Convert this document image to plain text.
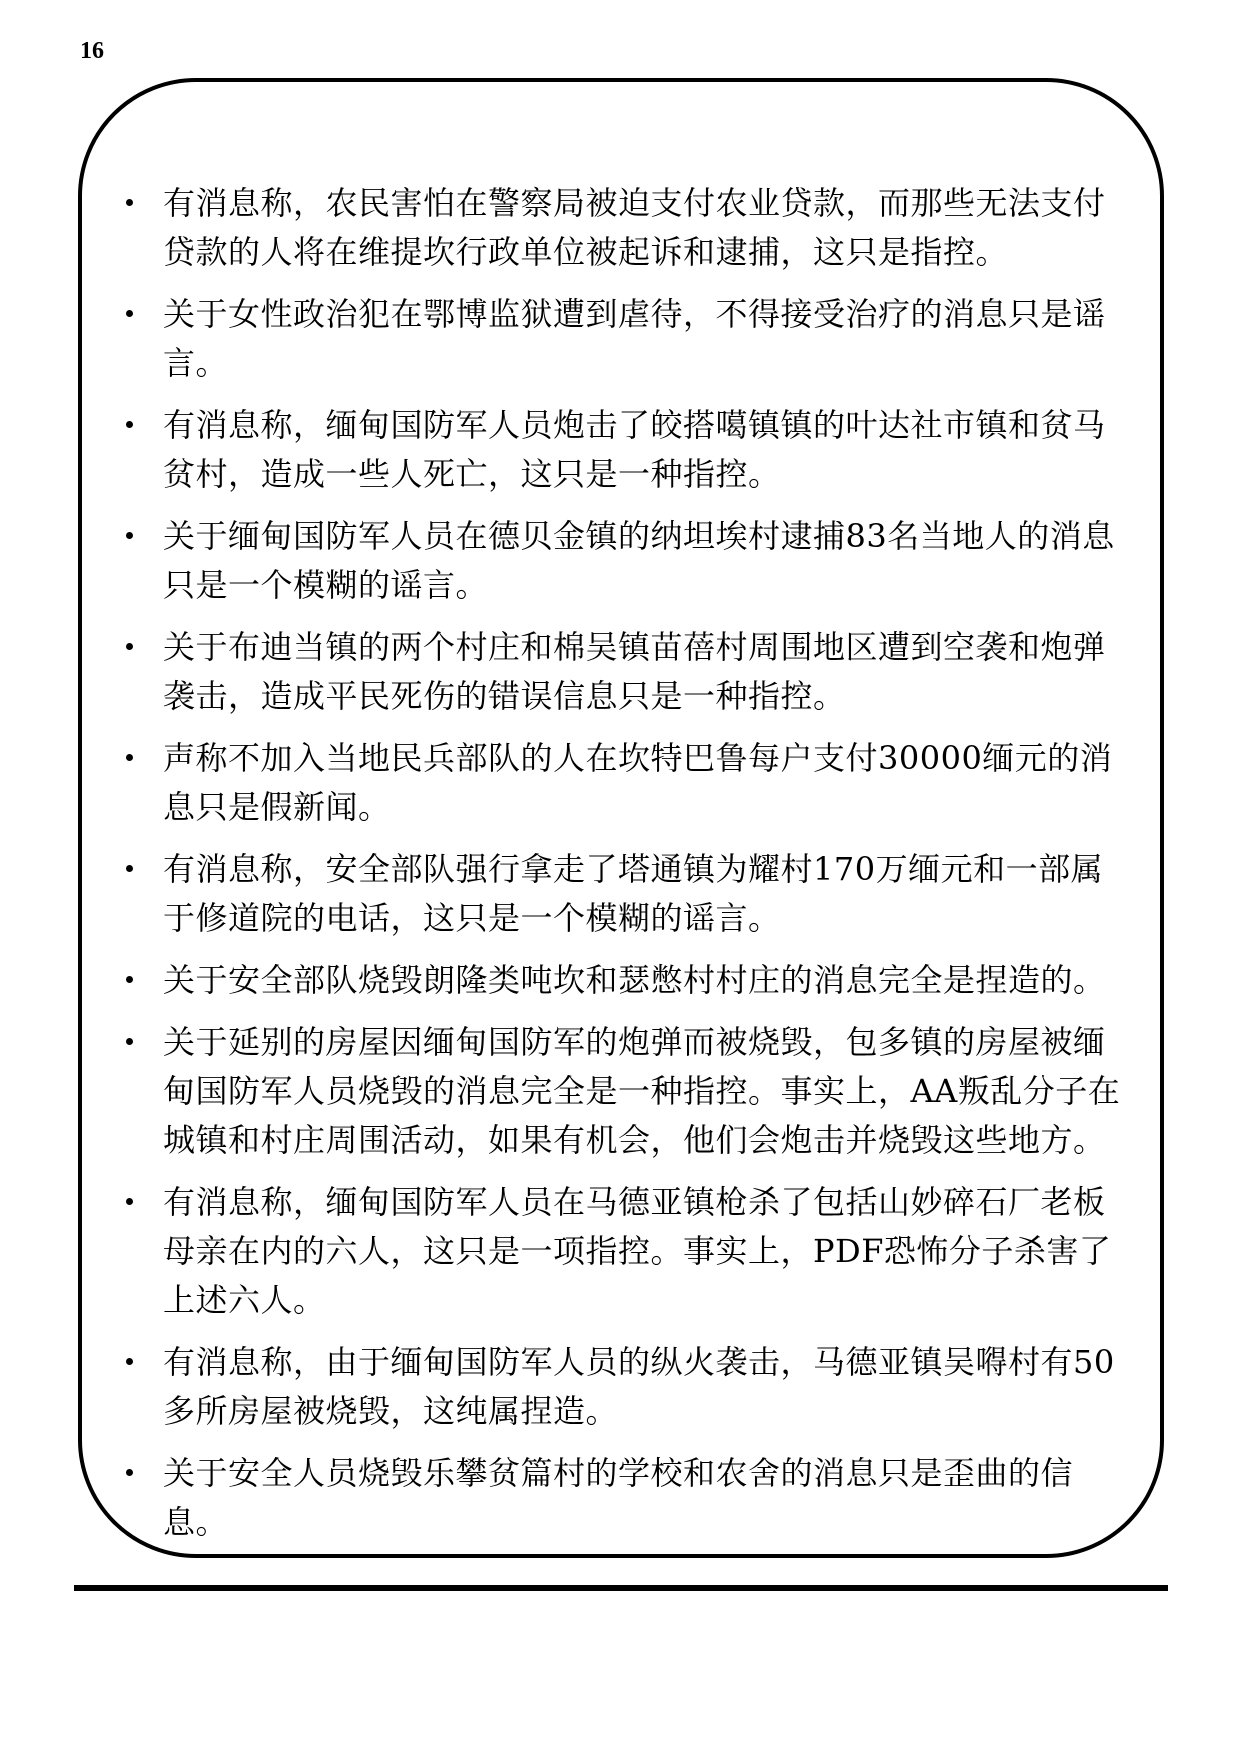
16
有消息称，农民害怕在警察局被迫支付农业贷款，而那些无法支付贷款的人将在维提坎行政单位被起诉和逮捕，这只是指控。
关于女性政治犯在鄂博监狱遭到虐待，不得接受治疗的消息只是谣言。
有消息称，缅甸国防军人员炮击了皎搭噶镇镇的叶达社市镇和贫马贫村，造成一些人死亡，这只是一种指控。
关于缅甸国防军人员在德贝金镇的纳坦埃村逮捕83名当地人的消息只是一个模糊的谣言。
关于布迪当镇的两个村庄和棉吴镇苗蓓村周围地区遭到空袭和炮弹袭击，造成平民死伤的错误信息只是一种指控。
声称不加入当地民兵部队的人在坎特巴鲁每户支付30000缅元的消息只是假新闻。
有消息称，安全部队强行拿走了塔通镇为耀村170万缅元和一部属于修道院的电话，这只是一个模糊的谣言。
关于安全部队烧毁朗隆类吨坎和瑟憋村村庄的消息完全是捏造的。
关于延别的房屋因缅甸国防军的炮弹而被烧毁，包多镇的房屋被缅甸国防军人员烧毁的消息完全是一种指控。事实上，AA叛乱分子在城镇和村庄周围活动，如果有机会，他们会炮击并烧毁这些地方。
有消息称，缅甸国防军人员在马德亚镇枪杀了包括山妙碎石厂老板母亲在内的六人，这只是一项指控。事实上，PDF恐怖分子杀害了上述六人。
有消息称，由于缅甸国防军人员的纵火袭击，马德亚镇吴嘚村有50多所房屋被烧毁，这纯属捏造。
关于安全人员烧毁乐攀贫篇村的学校和农舍的消息只是歪曲的信息。
